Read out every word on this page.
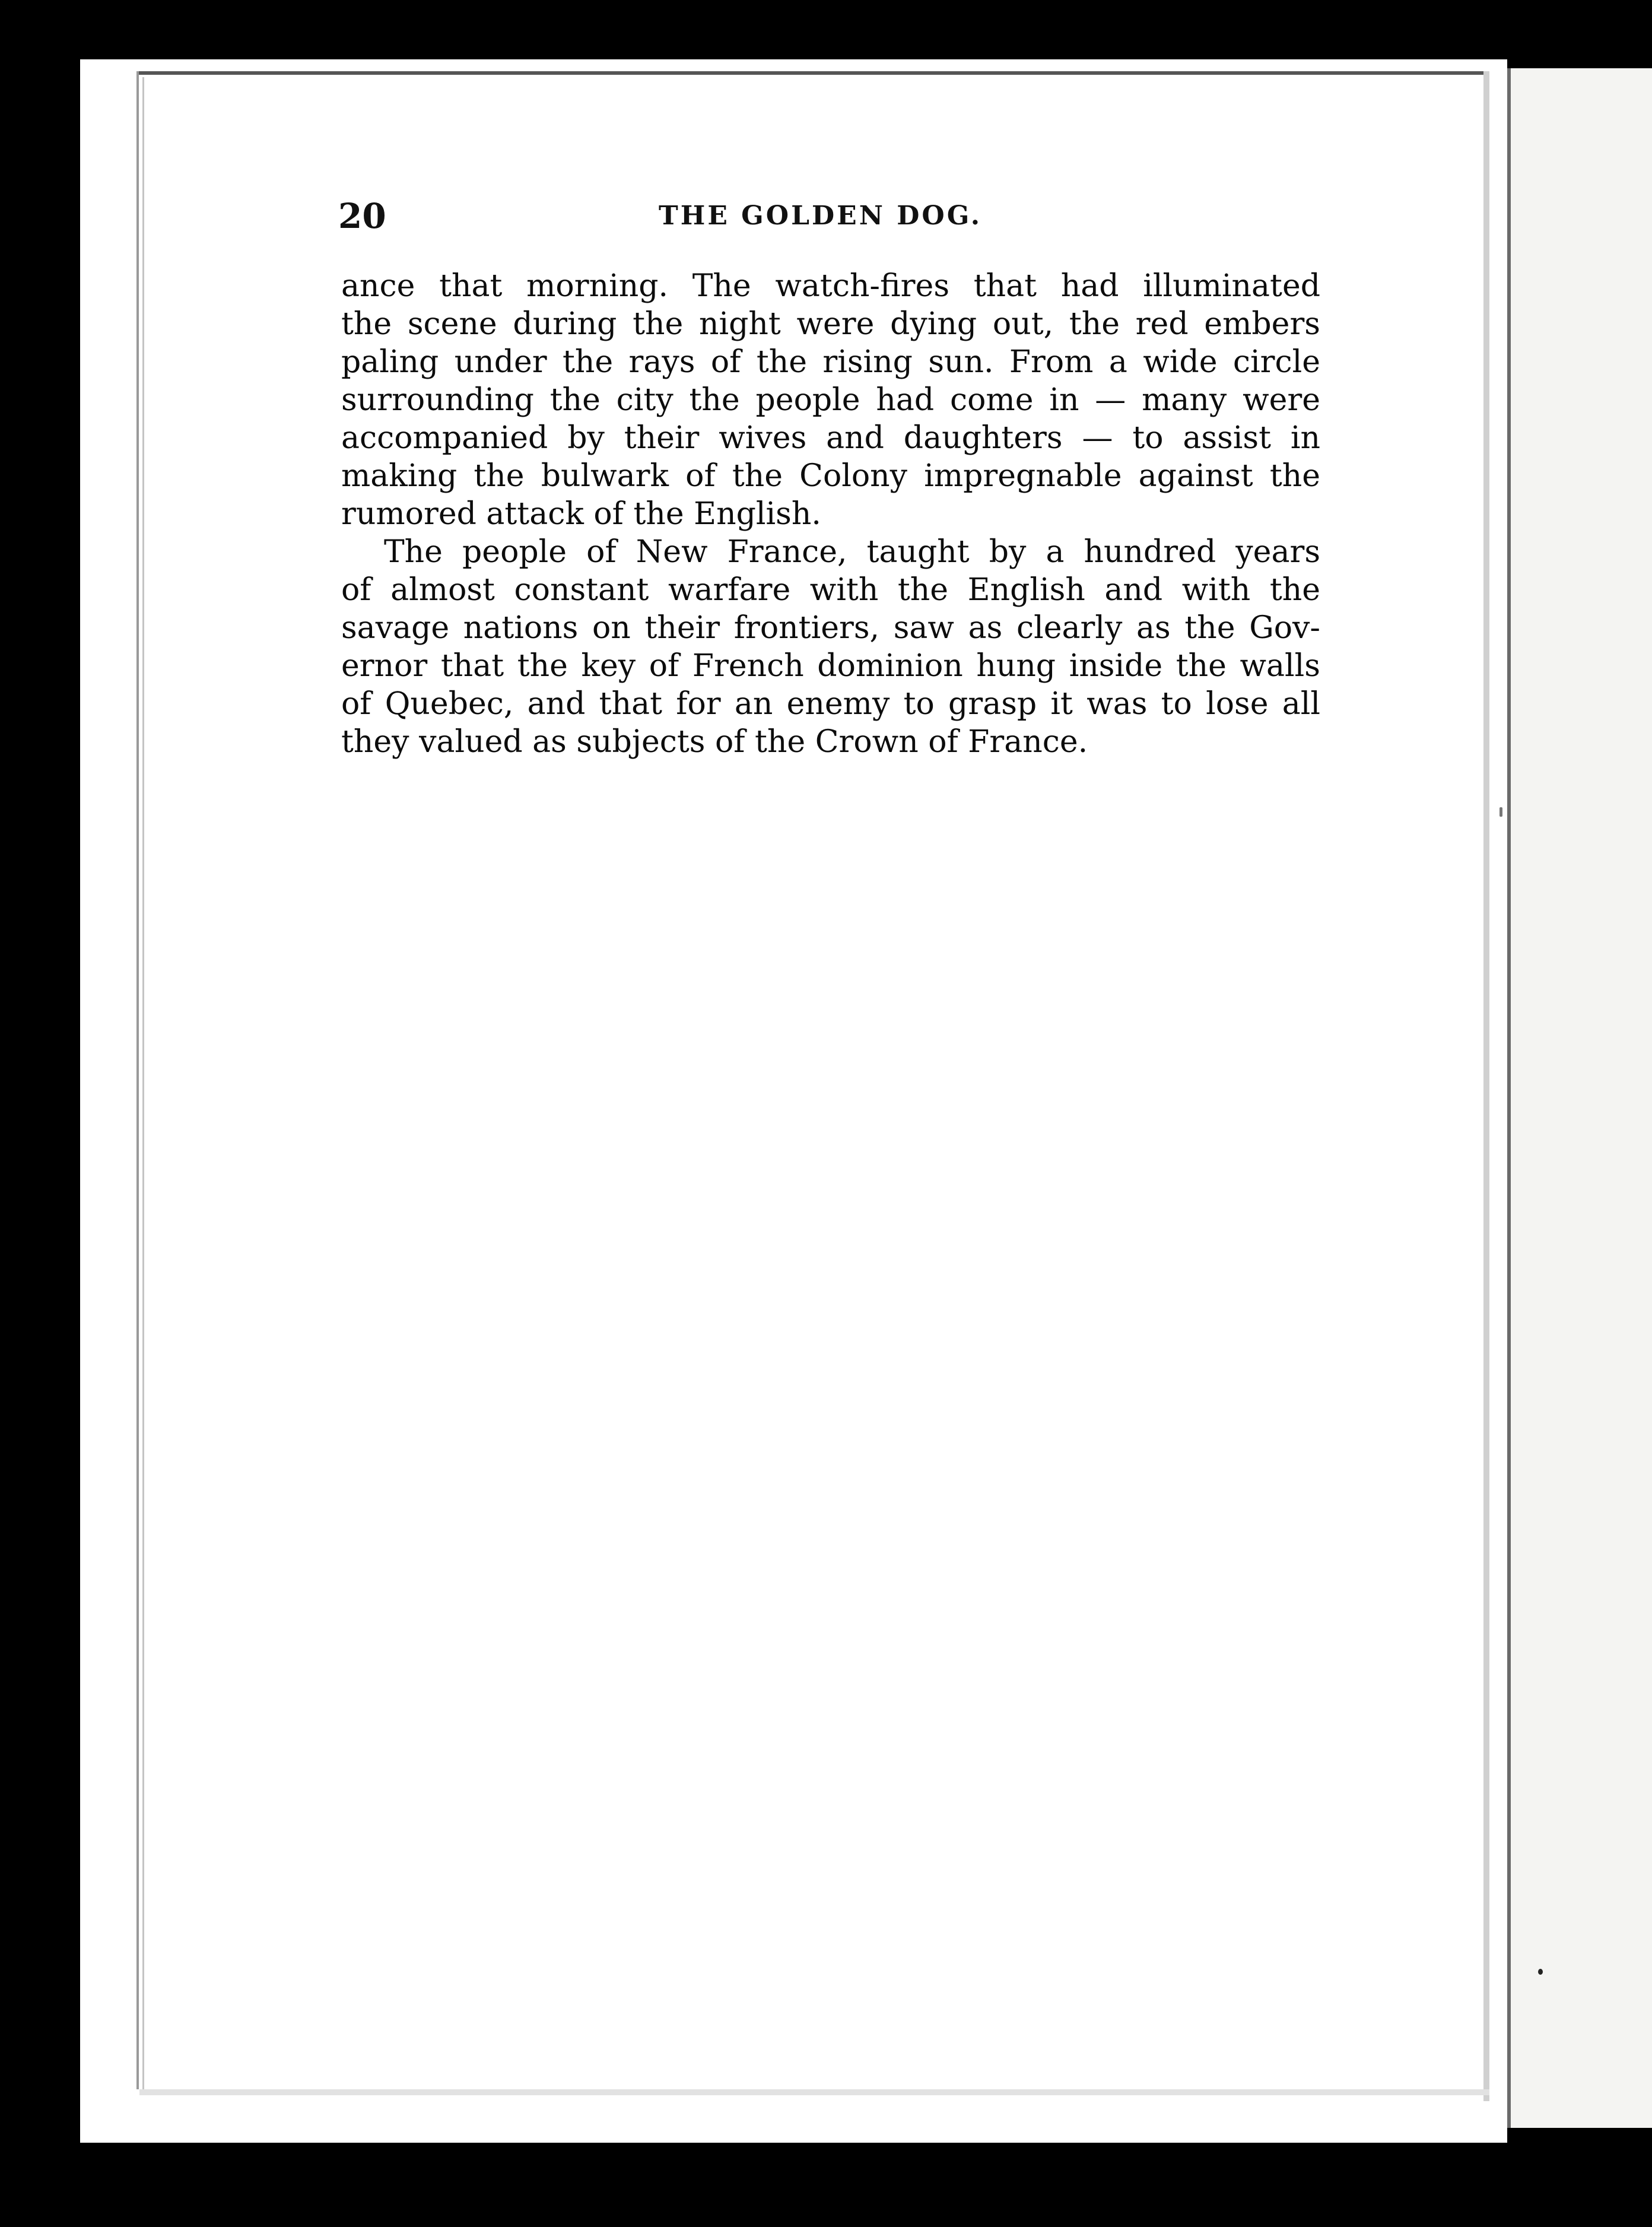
20	THE GOLDEN DOG.
ance that morning. The watch-fires that had illuminated
the scene during the night were dying out, the red embers
paling under the rays of the rising sun. From a wide circle
surrounding the city the people had come in — many were
accompanied by their wives and daughters — to assist in
making the bulwark of the Colony impregnable against the
rumored attack of the English.
The people of New France, taught by a hundred years
of almost constant warfare with the English and with the
savage nations on their frontiers, saw as clearly as the Gov-
ernor that the key of French dominion hung inside the walls
of Quebec, and that for an enemy to grasp it was to lose all
they valued as subjects of the Crown of France.
